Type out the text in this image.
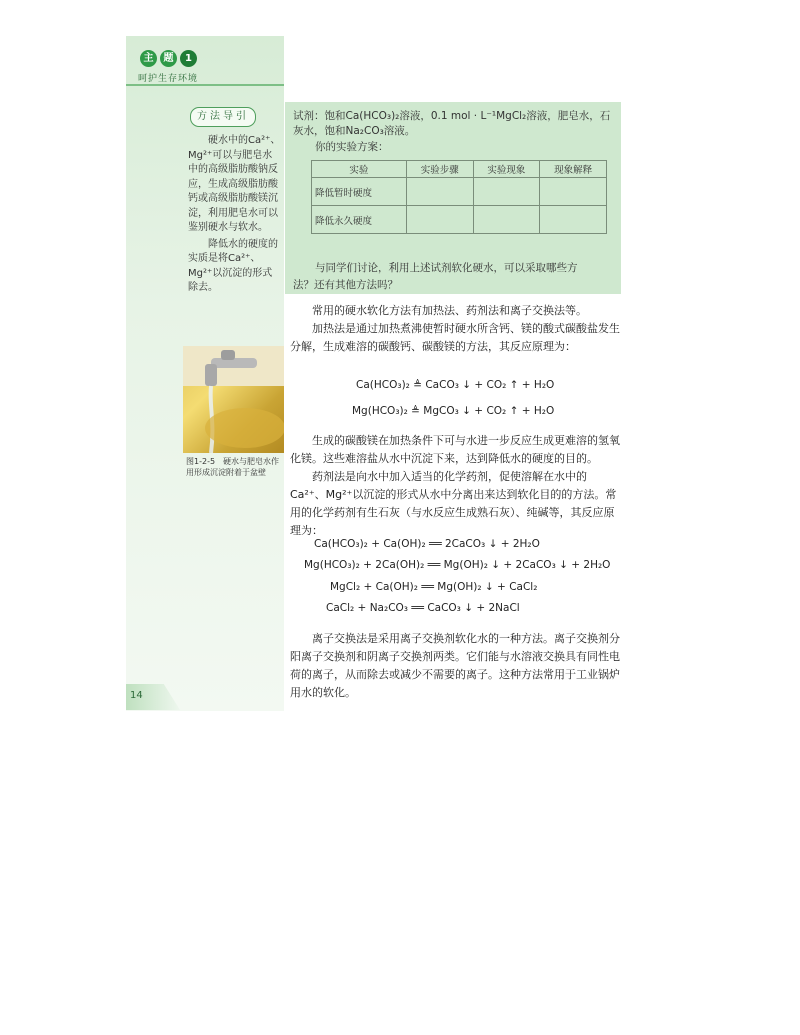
主	题	1
呵护生存环境
方法导引

硬水中的Ca²⁺、Mg²⁺可以与肥皂水中的高级脂肪酸钠反应，生成高级脂肪酸钙或高级脂肪酸镁沉淀，利用肥皂水可以鉴别硬水与软水。

降低水的硬度的实质是将Ca²⁺、Mg²⁺以沉淀的形式除去。

试剂：饱和Ca(HCO₃)₂溶液，0.1 mol · L⁻¹MgCl₂溶液，肥皂水，石
灰水，饱和Na₂CO₃溶液。
你的实验方案：
实验	实验步骤	实验现象	现象解释
降低暂时硬度			
降低永久硬度			
与同学们讨论，利用上述试剂软化硬水，可以采取哪些方
法？还有其他方法吗？
图1-2-5　硬水与肥皂水作用形成沉淀附着于盆壁

常用的硬水软化方法有加热法、药剂法和离子交换法等。

加热法是通过加热煮沸使暂时硬水所含钙、镁的酸式碳酸盐发生分解，生成难溶的碳酸钙、碳酸镁的方法，其反应原理为：

Ca(HCO₃)₂ ≜ CaCO₃ ↓ + CO₂ ↑ + H₂O
Mg(HCO₃)₂ ≜ MgCO₃ ↓ + CO₂ ↑ + H₂O

生成的碳酸镁在加热条件下可与水进一步反应生成更难溶的氢氧化镁。这些难溶盐从水中沉淀下来，达到降低水的硬度的目的。

药剂法是向水中加入适当的化学药剂，促使溶解在水中的Ca²⁺、Mg²⁺以沉淀的形式从水中分离出来达到软化目的的方法。常用的化学药剂有生石灰（与水反应生成熟石灰）、纯碱等，其反应原理为：

Ca(HCO₃)₂ + Ca(OH)₂ ══ 2CaCO₃ ↓ + 2H₂O
Mg(HCO₃)₂ + 2Ca(OH)₂ ══ Mg(OH)₂ ↓ + 2CaCO₃ ↓ + 2H₂O
MgCl₂ + Ca(OH)₂ ══ Mg(OH)₂ ↓ + CaCl₂
CaCl₂ + Na₂CO₃ ══ CaCO₃ ↓ + 2NaCl

离子交换法是采用离子交换剂软化水的一种方法。离子交换剂分阳离子交换剂和阴离子交换剂两类。它们能与水溶液交换具有同性电荷的离子，从而除去或减少不需要的离子。这种方法常用于工业锅炉用水的软化。

14
